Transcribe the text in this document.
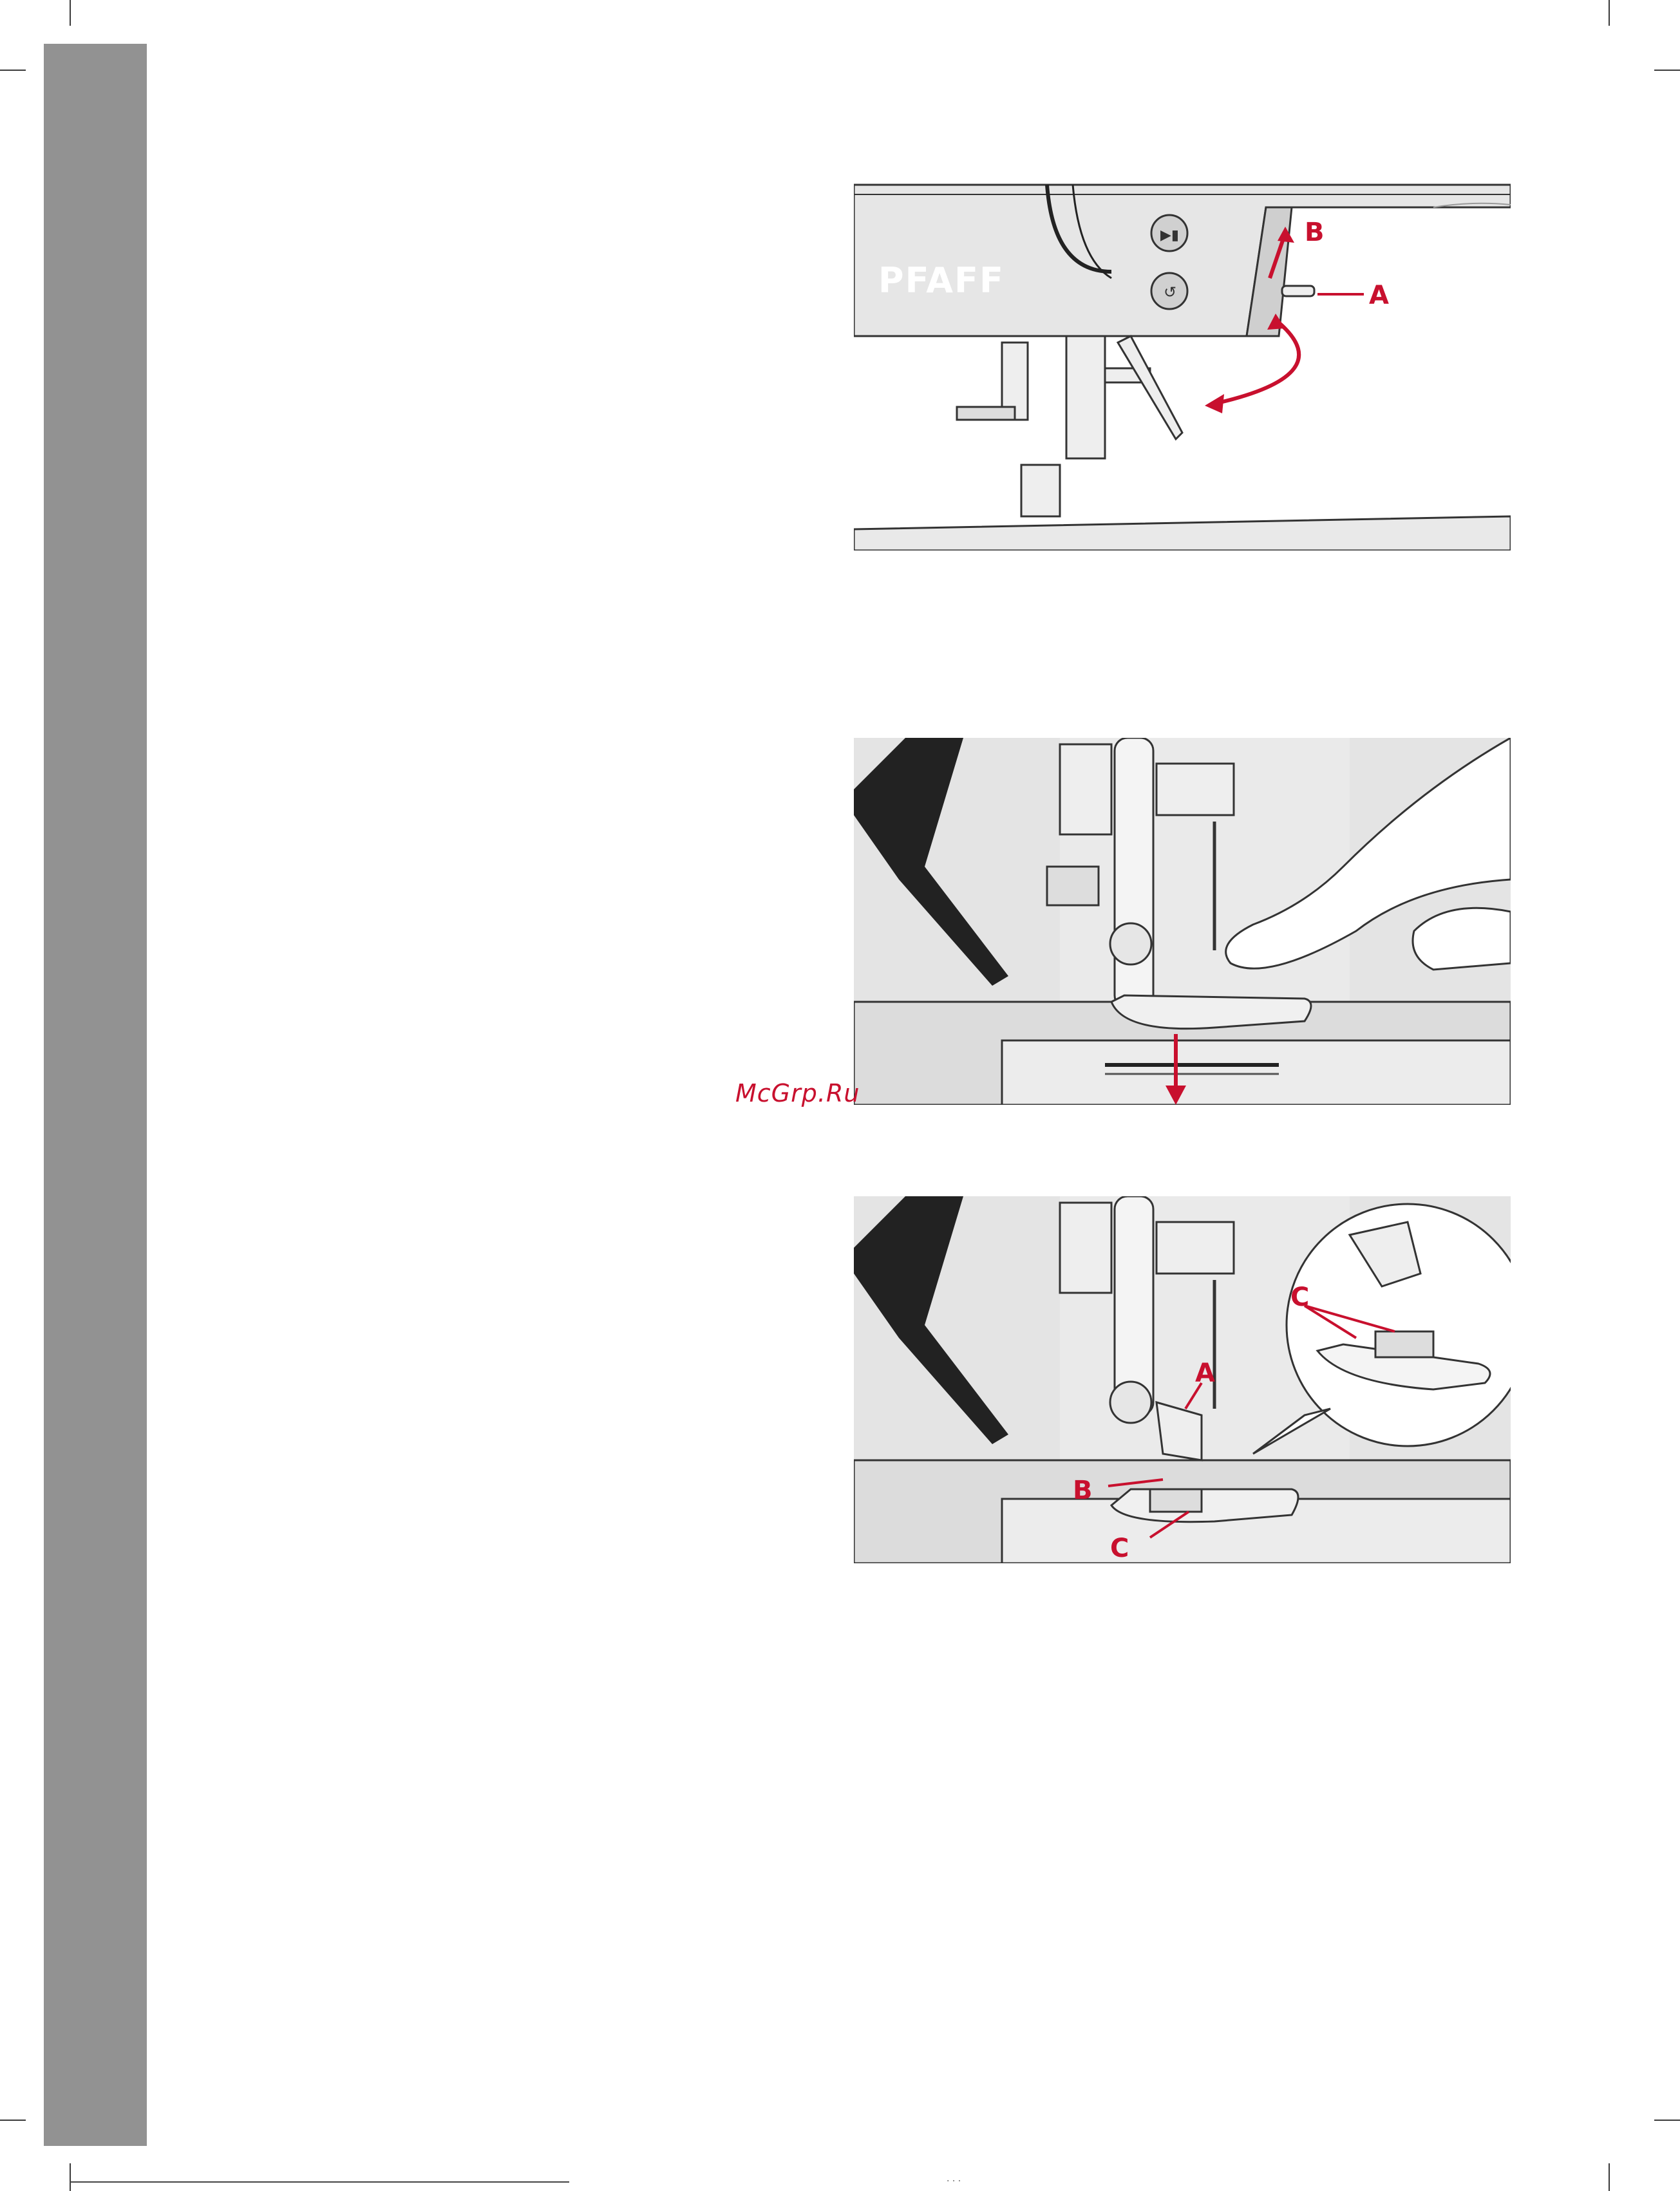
PFAFF
▶▮
↺
B
A
McGrp.Ru
A
B
C
C
· · ·
